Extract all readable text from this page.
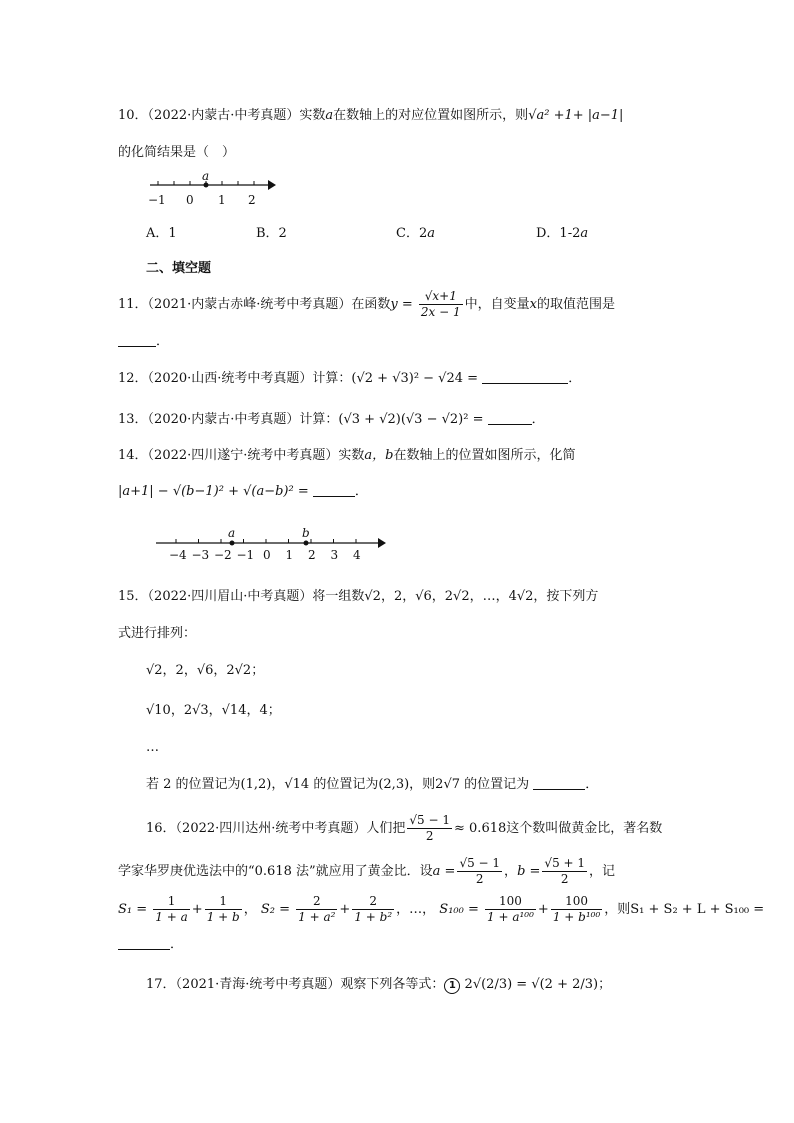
10．（2022·内蒙古·中考真题）实数a在数轴上的对应位置如图所示，则√a² +1+ |a−1|
的化简结果是（　）
a
−1 0 1 2
A．1	B．2	C．2a	D．1-2a
二、填空题
11．（2021·内蒙古赤峰·统考中考真题）在函数$y = \frac{√x+1}{2x - 1}$ 中，自变量x的取值范围是
．
12．（2020·山西·统考中考真题）计算：(√2 + √3)² − √24 =	．
13．（2020·内蒙古·中考真题）计算：(√3 + √2)(√3 − √2)² =	．
14．（2022·四川遂宁·统考中考真题）实数a，b在数轴上的位置如图所示，化简
|a+1| − √(b−1)² + √(a−b)² =	．
−4 −3 −2 −1 0 1 2 3 4
a	b
15．（2022·四川眉山·中考真题）将一组数√2，2，√6，2√2，…，4√2，按下列方
式进行排列：
√2，2，√6，2√2；
√10，2√3，√14，4；
…
若 2 的位置记为(1,2)，√14 的位置记为(2,3)，则2√7 的位置记为	．
16．（2022·四川达州·统考中考真题）人们把 $\frac{√5 - 1}{2} \approx 0.618$这个数叫做黄金比，著名数
学家华罗庚优选法中的“0.618 法”就应用了黄金比．设$a = \frac{√5 - 1}{2}$ ，$b = \frac{√5 + 1}{2}$ ，记
$S_1 = \frac{1}{1 + a} + \frac{1}{1 + b}$ ， $S_2 = \frac{2}{\text{1 + a²}} + \frac{2}{\text{1 + b²}}$ ，…， $S_{100} = \frac{100}{\text{1 + a¹⁰⁰}} + \frac{100}{\text{1 + b¹⁰⁰}}$ ，则S₁ + S₂ + L + S₁₀₀ =
．
17．（2021·青海·统考中考真题）观察下列各等式： 1 2√(2/3) = √(2 + 2/3)；
